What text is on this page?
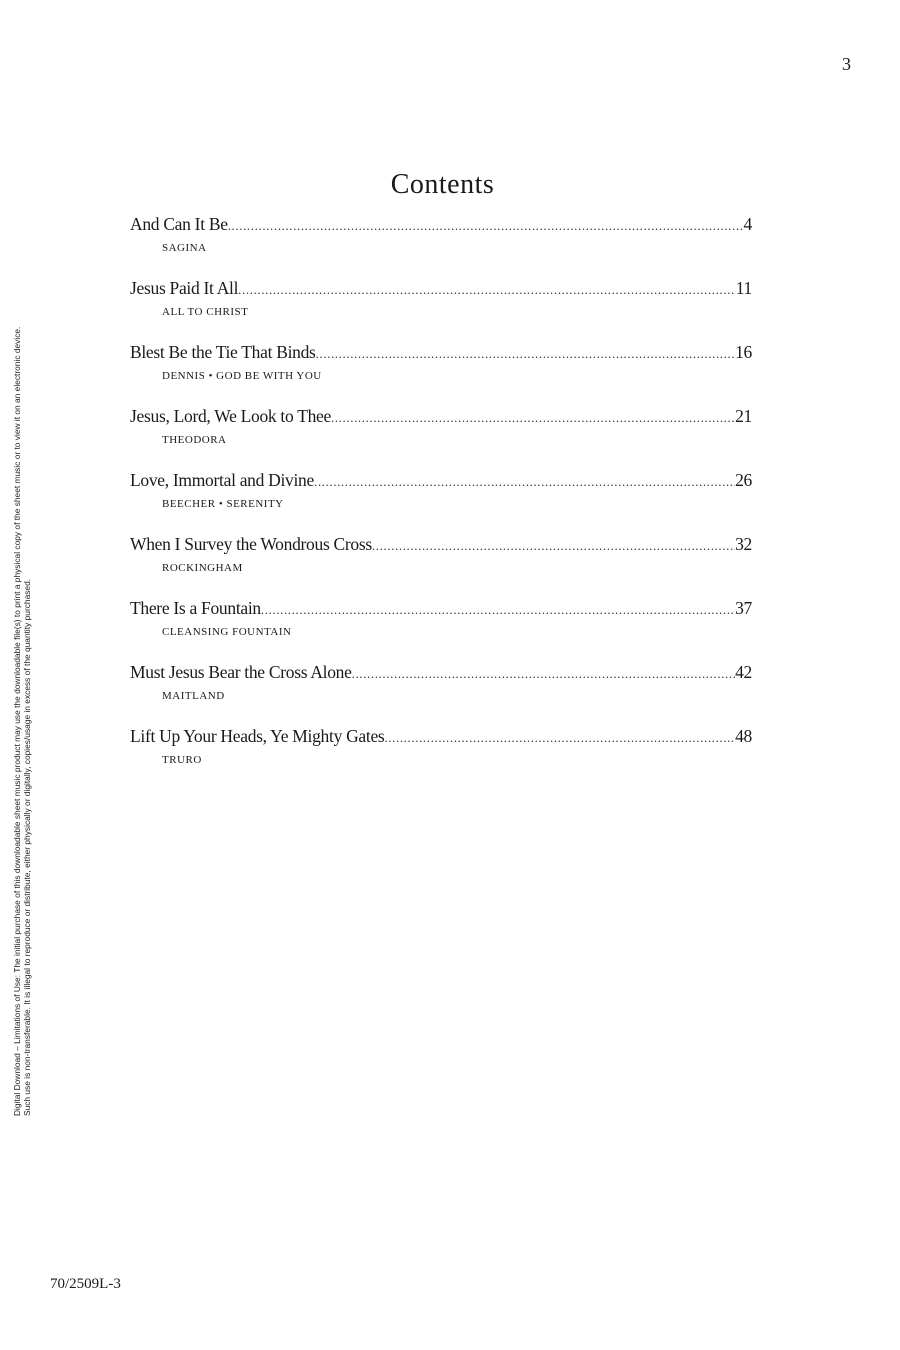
3
Contents
And Can It Be .....	4
SAGINA
Jesus Paid It All .....	11
ALL TO CHRIST
Blest Be the Tie That Binds .....	16
DENNIS • GOD BE WITH YOU
Jesus, Lord, We Look to Thee .....	21
THEODORA
Love, Immortal and Divine .....	26
BEECHER • SERENITY
When I Survey the Wondrous Cross .....	32
ROCKINGHAM
There Is a Fountain .....	37
CLEANSING FOUNTAIN
Must Jesus Bear the Cross Alone .....	42
MAITLAND
Lift Up Your Heads, Ye Mighty Gates .....	48
TRURO
Digital Download – Limitations of Use: The initial purchase of this downloadable sheet music product may use the downloadable file(s) to print a physical copy of the sheet music or to view it on an electronic device. Such use is non-transferable. It is illegal to reproduce or distribute, either physically or digitally, copies/usage in excess of the quantity purchased.
70/2509L-3
